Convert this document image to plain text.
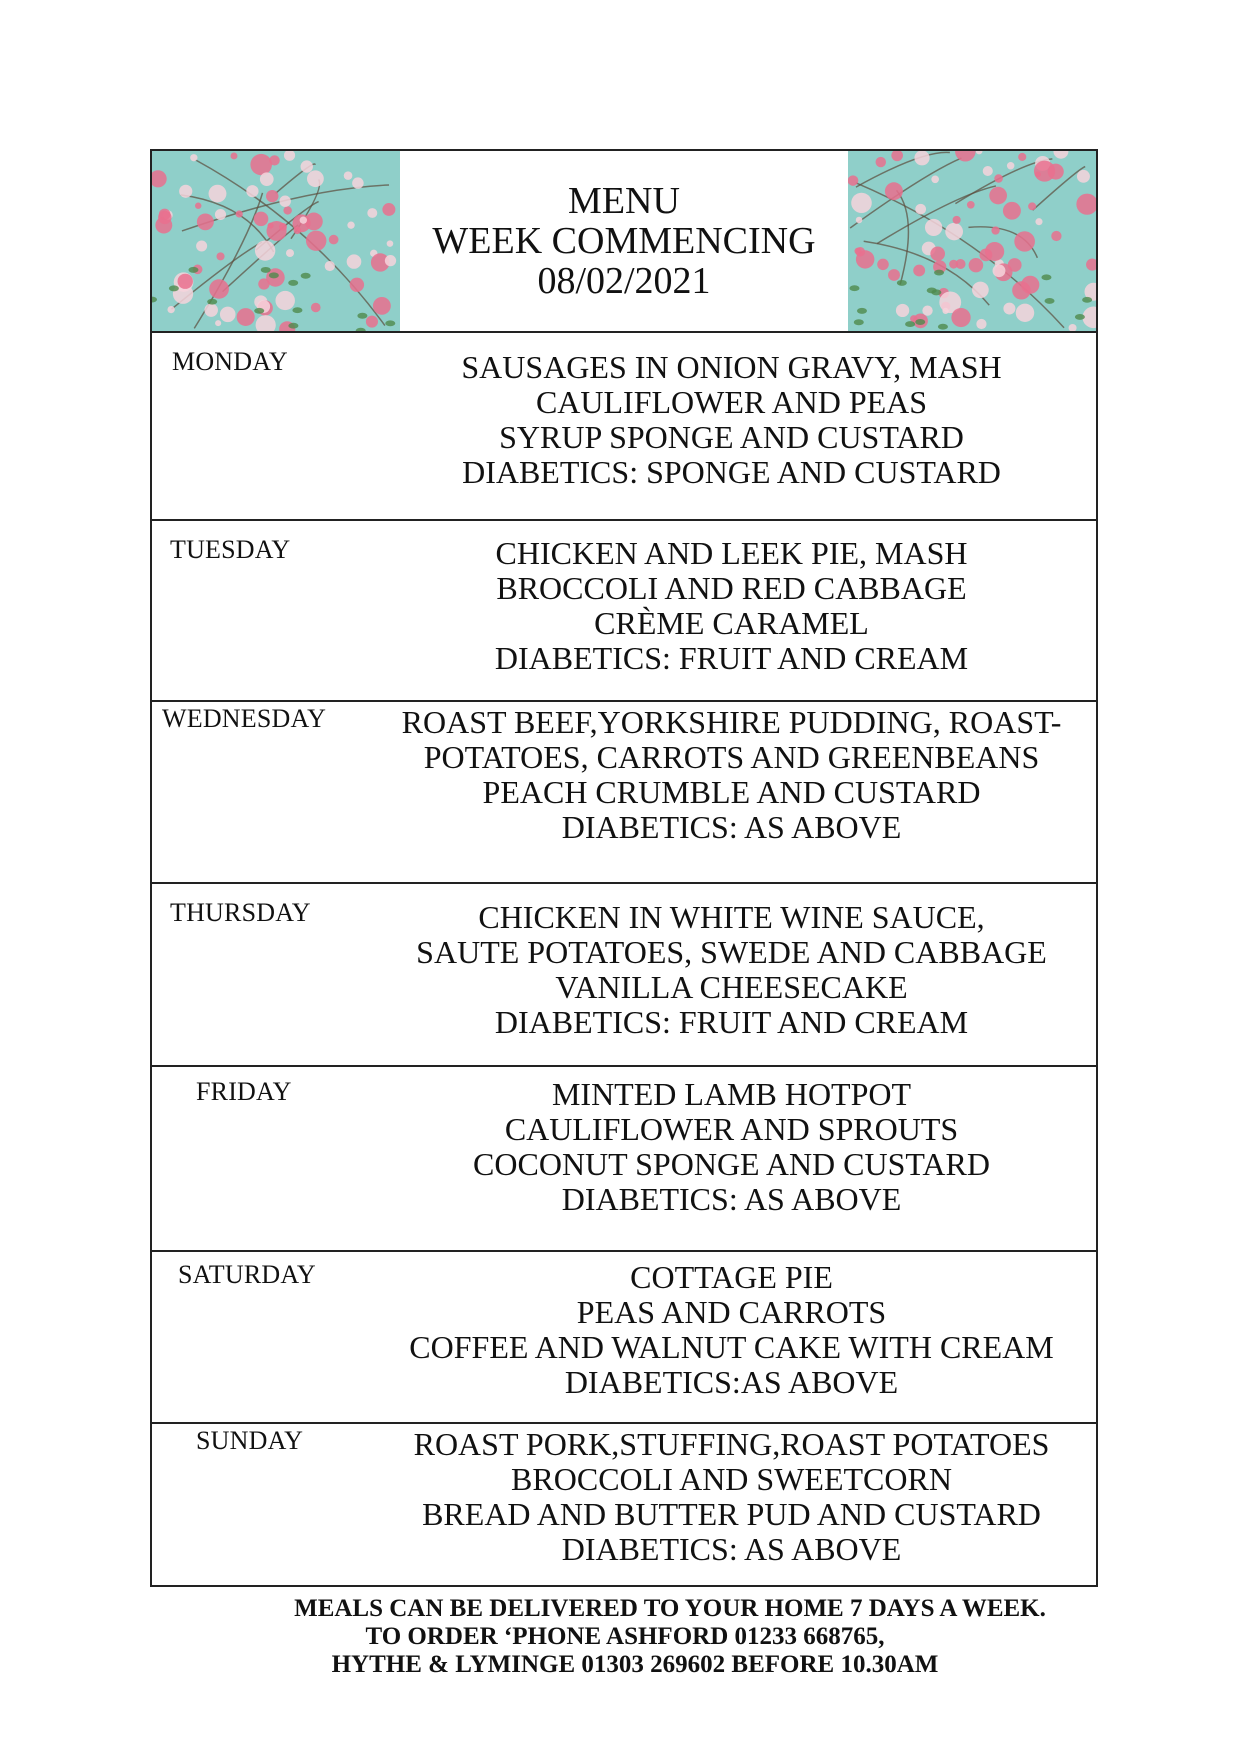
MENU
WEEK COMMENCING
08/02/2021
MONDAY	SAUSAGES IN ONION GRAVY, MASH
CAULIFLOWER AND PEAS
SYRUP SPONGE AND CUSTARD
DIABETICS: SPONGE AND CUSTARD
TUESDAY	CHICKEN AND LEEK PIE, MASH
BROCCOLI AND RED CABBAGE
CRÈME CARAMEL
DIABETICS: FRUIT AND CREAM
WEDNESDAY	ROAST BEEF,YORKSHIRE PUDDING, ROAST-
POTATOES, CARROTS AND GREENBEANS
PEACH CRUMBLE AND CUSTARD
DIABETICS: AS ABOVE
THURSDAY	CHICKEN IN WHITE WINE SAUCE,
SAUTE POTATOES, SWEDE AND CABBAGE
VANILLA CHEESECAKE
DIABETICS: FRUIT AND CREAM
FRIDAY	MINTED LAMB HOTPOT
CAULIFLOWER AND SPROUTS
COCONUT SPONGE AND CUSTARD
DIABETICS: AS ABOVE
SATURDAY	COTTAGE PIE
PEAS AND CARROTS
COFFEE AND WALNUT CAKE WITH CREAM
DIABETICS:AS ABOVE
SUNDAY	ROAST PORK,STUFFING,ROAST POTATOES
BROCCOLI AND SWEETCORN
BREAD AND BUTTER PUD AND CUSTARD
DIABETICS: AS ABOVE
MEALS CAN BE DELIVERED TO YOUR HOME 7 DAYS A WEEK.
TO ORDER ‘PHONE ASHFORD 01233 668765,
HYTHE & LYMINGE 01303 269602 BEFORE 10.30AM
